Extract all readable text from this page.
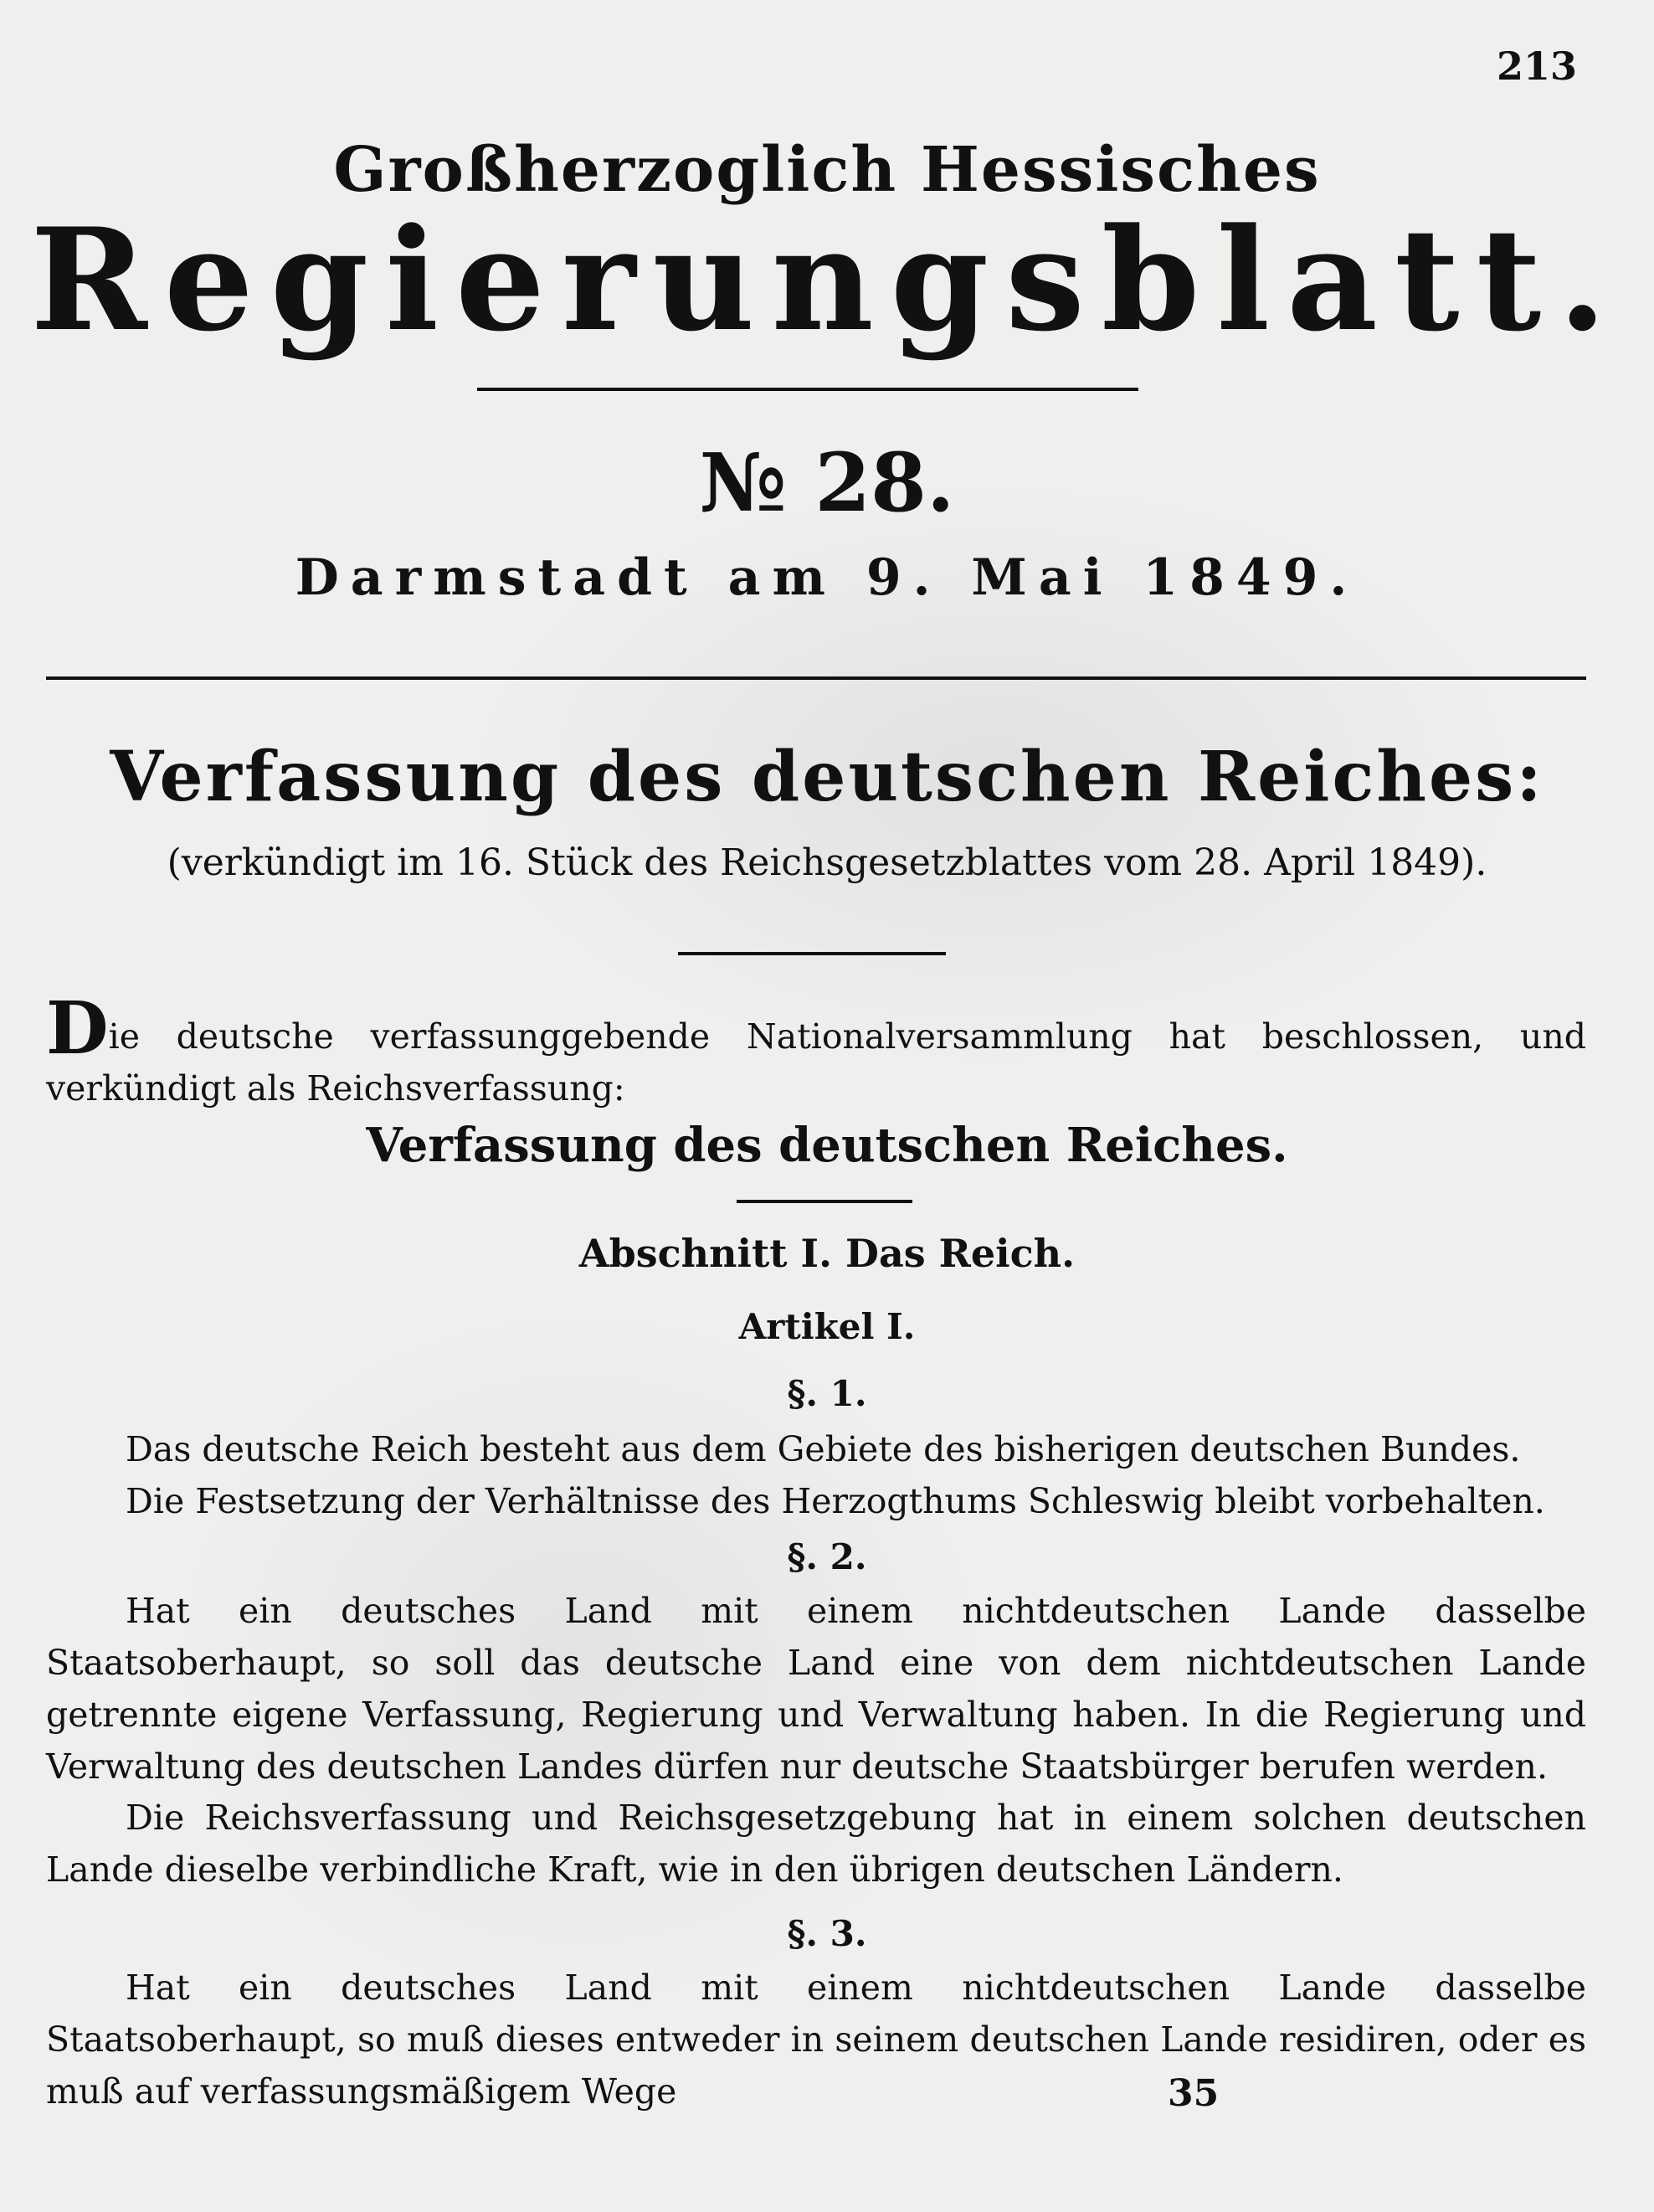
213
Großherzoglich Hessisches
Regierungsblatt.
№ 28.
Darmstadt am 9. Mai 1849.
Verfassung des deutschen Reiches:
(verkündigt im 16. Stück des Reichsgesetzblattes vom 28. April 1849).
Die deutsche verfassunggebende Nationalversammlung hat beschlossen, und verkündigt als Reichsverfassung:
Verfassung des deutschen Reiches.
Abschnitt I. Das Reich.
Artikel I.
§. 1.
Das deutsche Reich besteht aus dem Gebiete des bisherigen deutschen Bundes.
Die Festsetzung der Verhältnisse des Herzogthums Schleswig bleibt vorbehalten.
§. 2.
Hat ein deutsches Land mit einem nichtdeutschen Lande dasselbe Staatsoberhaupt, so soll das deutsche Land eine von dem nichtdeutschen Lande getrennte eigene Verfassung, Regierung und Verwaltung haben. In die Regierung und Verwaltung des deutschen Landes dürfen nur deutsche Staatsbürger berufen werden.
Die Reichsverfassung und Reichsgesetzgebung hat in einem solchen deutschen Lande dieselbe verbindliche Kraft, wie in den übrigen deutschen Ländern.
§. 3.
Hat ein deutsches Land mit einem nichtdeutschen Lande dasselbe Staatsoberhaupt, so muß dieses entweder in seinem deutschen Lande residiren, oder es muß auf verfassungsmäßigem Wege	35
